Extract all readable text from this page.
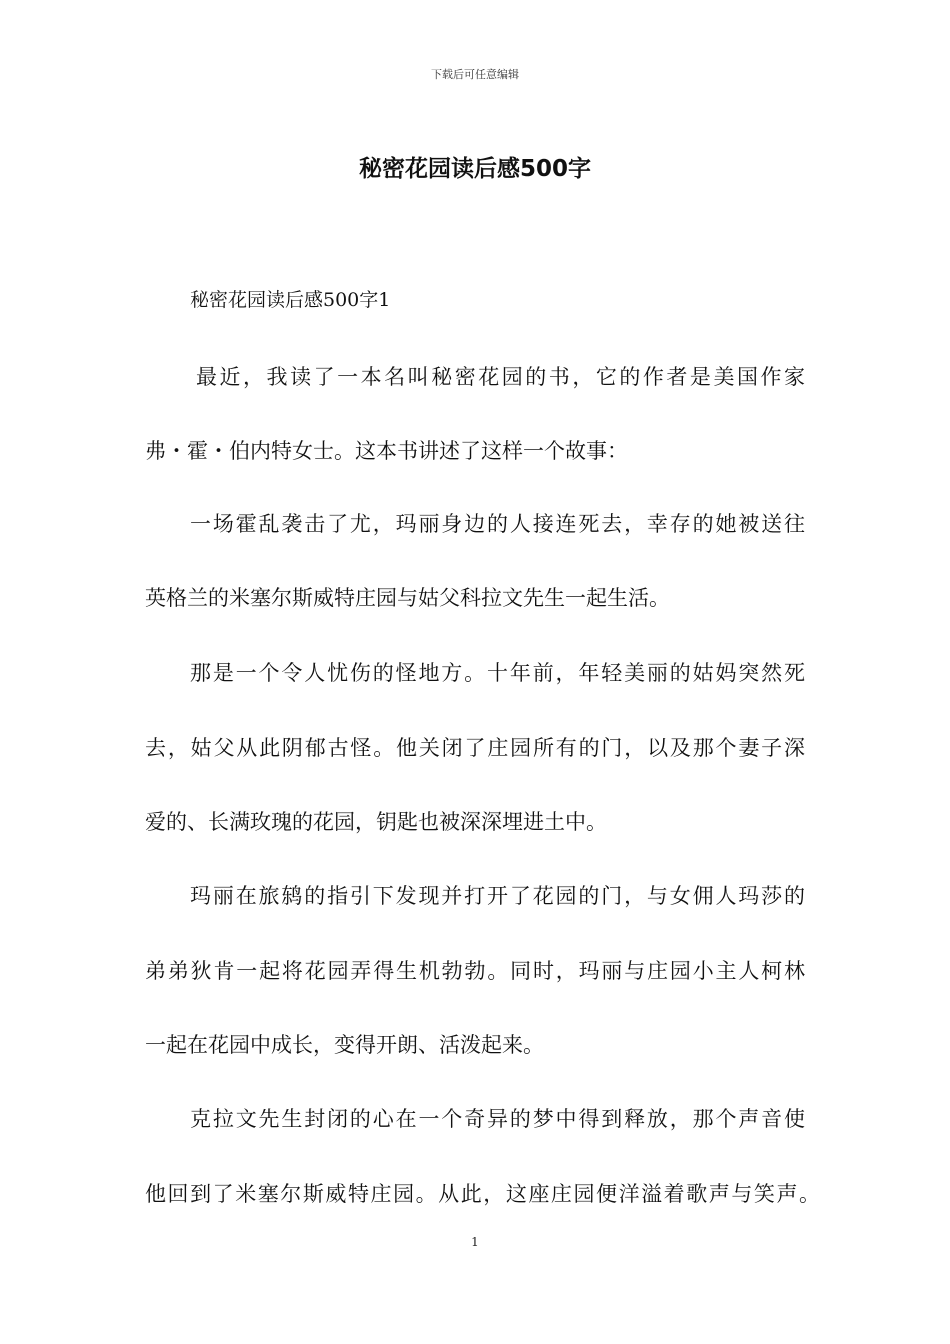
下载后可任意编辑
秘密花园读后感500字
秘密花园读后感500字1
最近，我读了一本名叫秘密花园的书，它的作者是美国作家
弗・霍・伯内特女士。这本书讲述了这样一个故事：
一场霍乱袭击了尤，玛丽身边的人接连死去，幸存的她被送往
英格兰的米塞尔斯威特庄园与姑父科拉文先生一起生活。
那是一个令人忧伤的怪地方。十年前，年轻美丽的姑妈突然死
去，姑父从此阴郁古怪。他关闭了庄园所有的门，以及那个妻子深
爱的、长满玫瑰的花园，钥匙也被深深埋进土中。
玛丽在旅鸫的指引下发现并打开了花园的门，与女佣人玛莎的
弟弟狄肯一起将花园弄得生机勃勃。同时，玛丽与庄园小主人柯林
一起在花园中成长，变得开朗、活泼起来。
克拉文先生封闭的心在一个奇异的梦中得到释放，那个声音使
他回到了米塞尔斯威特庄园。从此，这座庄园便洋溢着歌声与笑声。
1
